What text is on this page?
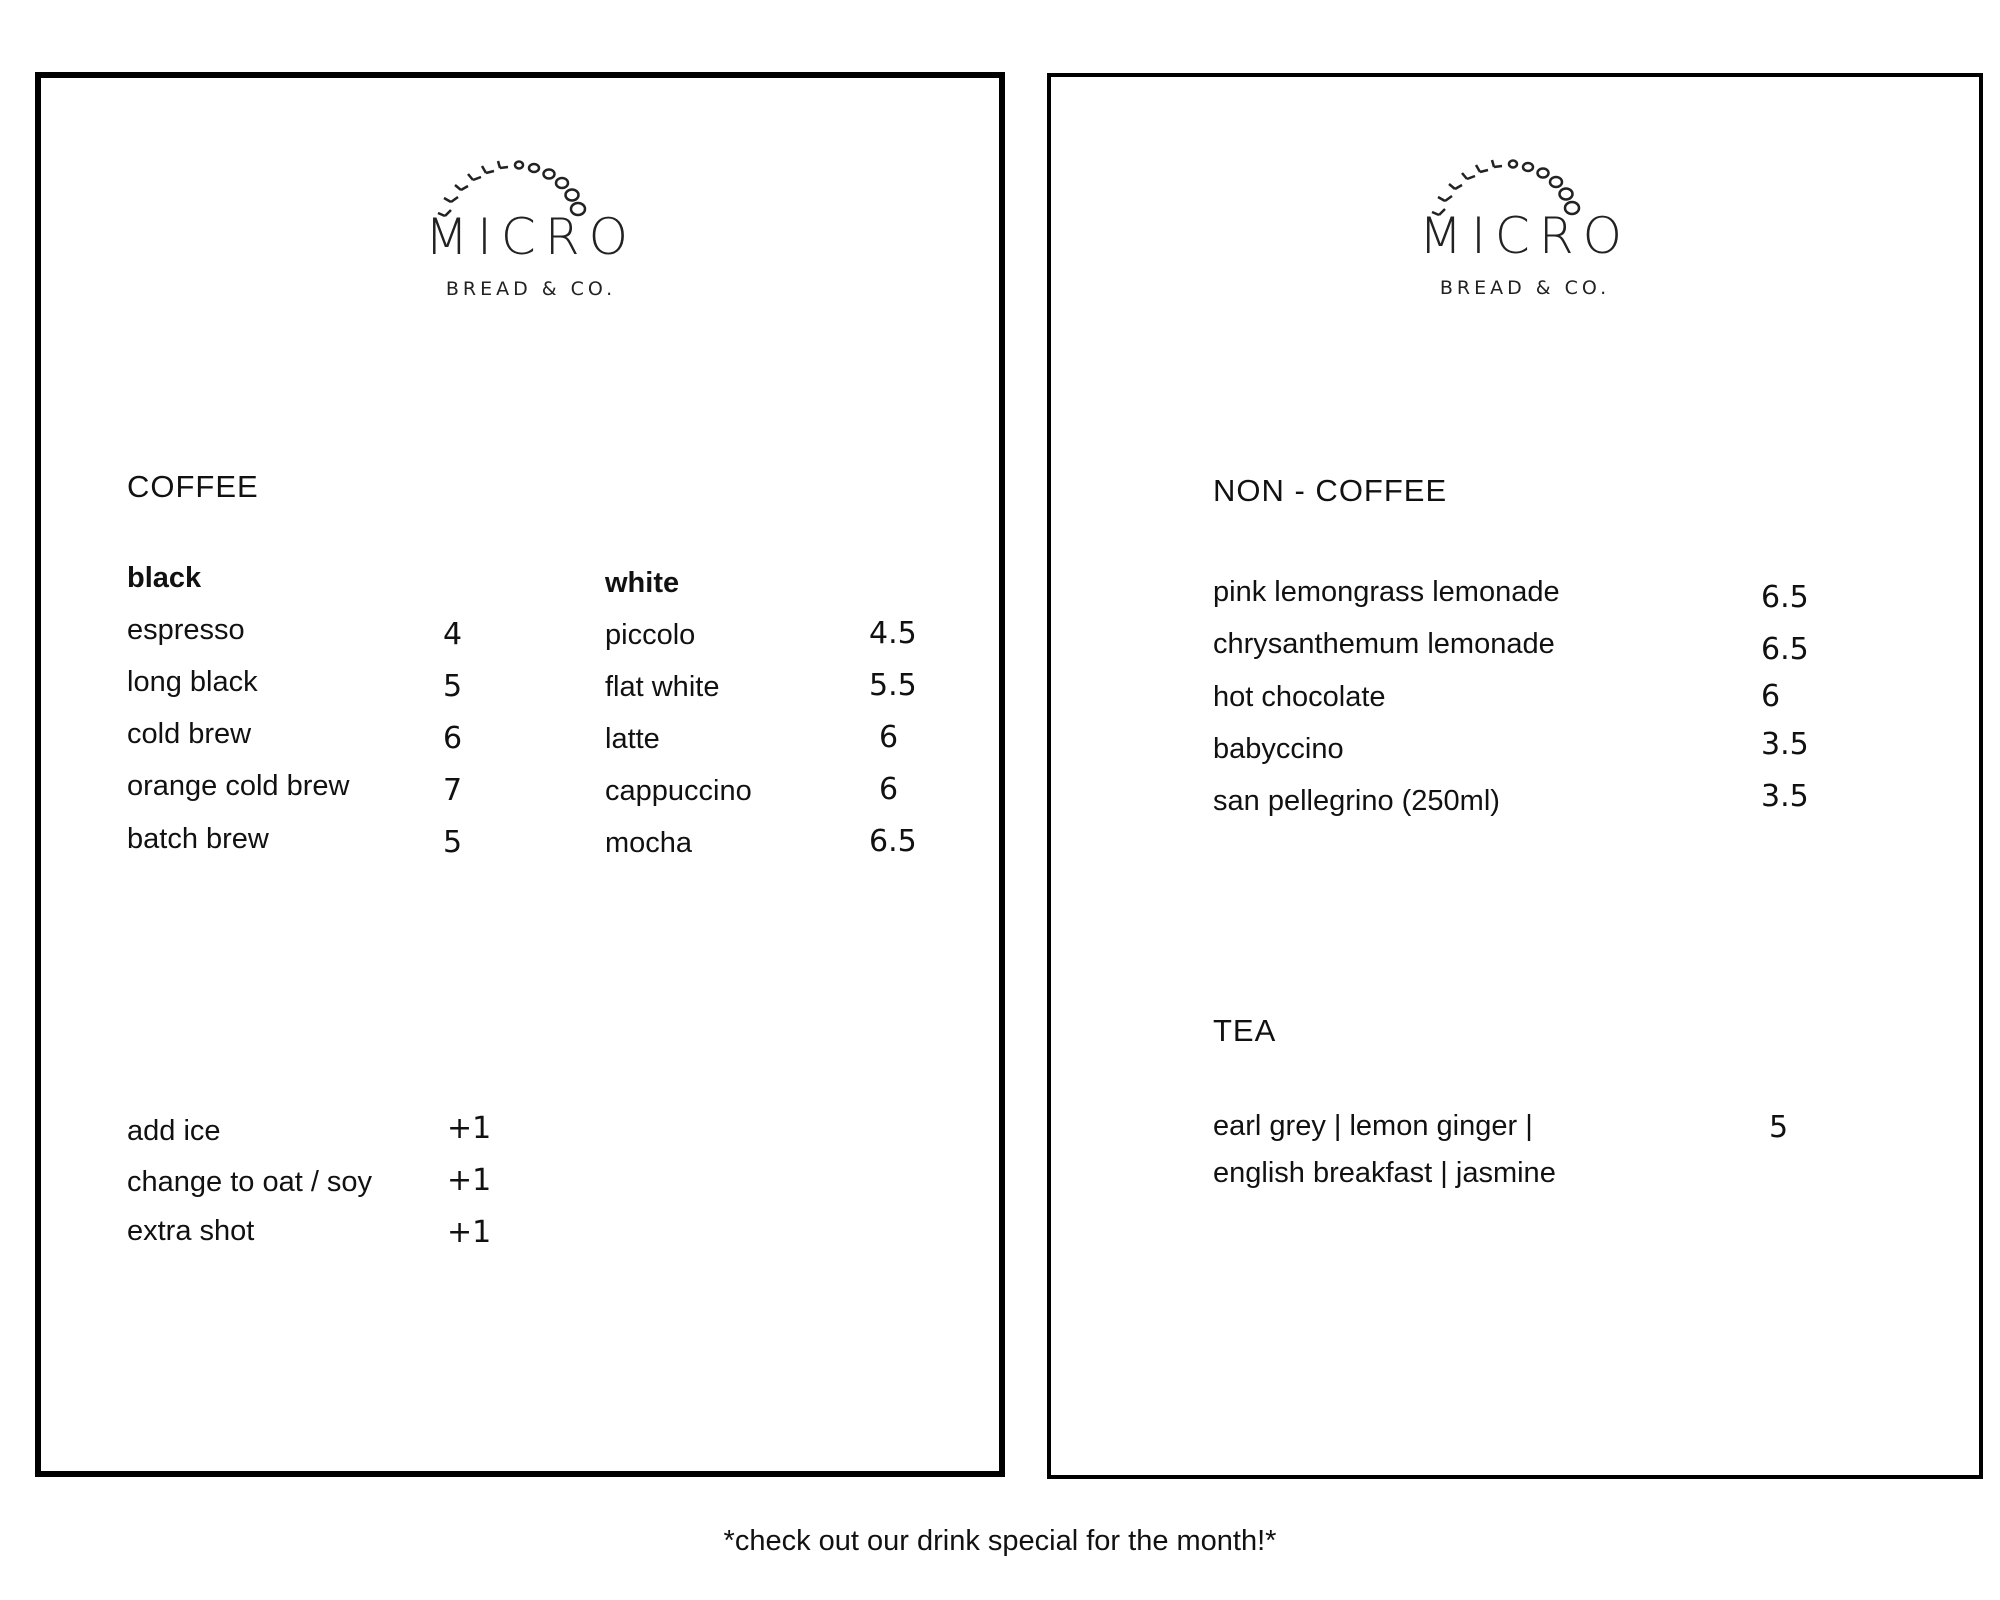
MICRO
BREAD & CO.
COFFEE
black
espresso	4
long black	5
cold brew	6
orange cold brew	7
batch brew	5
white
piccolo	4.5
flat white	5.5
latte	6
cappuccino	6
mocha	6.5
add ice	+1
change to oat / soy +1
extra shot	+1
MICRO
BREAD & CO.
NON - COFFEE
pink lemongrass lemonade	6.5
chrysanthemum lemonade	6.5
hot chocolate	6
babyccino	3.5
san pellegrino (250ml)	3.5
TEA
earl grey | lemon ginger |
english breakfast | jasmine
5
*check out our drink special for the month!*
